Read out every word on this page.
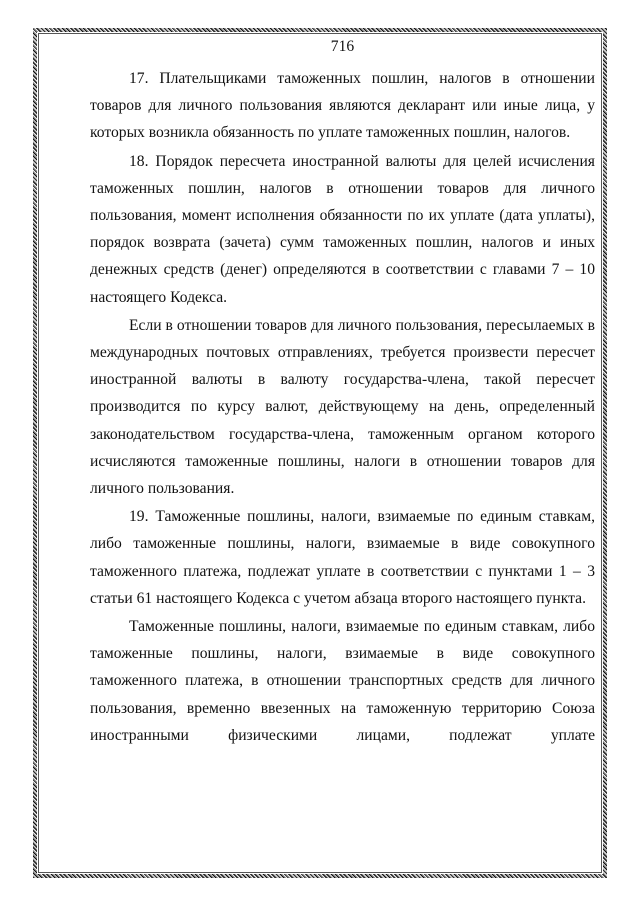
716

17. Плательщиками таможенных пошлин, налогов в отношении товаров для личного пользования являются декларант или иные лица, у которых возникла обязанность по уплате таможенных пошлин, налогов.

18. Порядок пересчета иностранной валюты для целей исчисления таможенных пошлин, налогов в отношении товаров для личного пользования, момент исполнения обязанности по их уплате (дата уплаты), порядок возврата (зачета) сумм таможенных пошлин, налогов и иных денежных средств (денег) определяются в соответствии с главами 7 – 10 настоящего Кодекса.

Если в отношении товаров для личного пользования, пересылаемых в международных почтовых отправлениях, требуется произвести пересчет иностранной валюты в валюту государства-члена, такой пересчет производится по курсу валют, действующему на день, определенный законодательством государства-члена, таможенным органом которого исчисляются таможенные пошлины, налоги в отношении товаров для личного пользования.

19. Таможенные пошлины, налоги, взимаемые по единым ставкам, либо таможенные пошлины, налоги, взимаемые в виде совокупного таможенного платежа, подлежат уплате в соответствии с пунктами 1 – 3 статьи 61 настоящего Кодекса с учетом абзаца второго настоящего пункта.

Таможенные пошлины, налоги, взимаемые по единым ставкам, либо таможенные пошлины, налоги, взимаемые в виде совокупного таможенного платежа, в отношении транспортных средств для личного пользования, временно ввезенных на таможенную территорию Союза иностранными физическими лицами, подлежат уплате
